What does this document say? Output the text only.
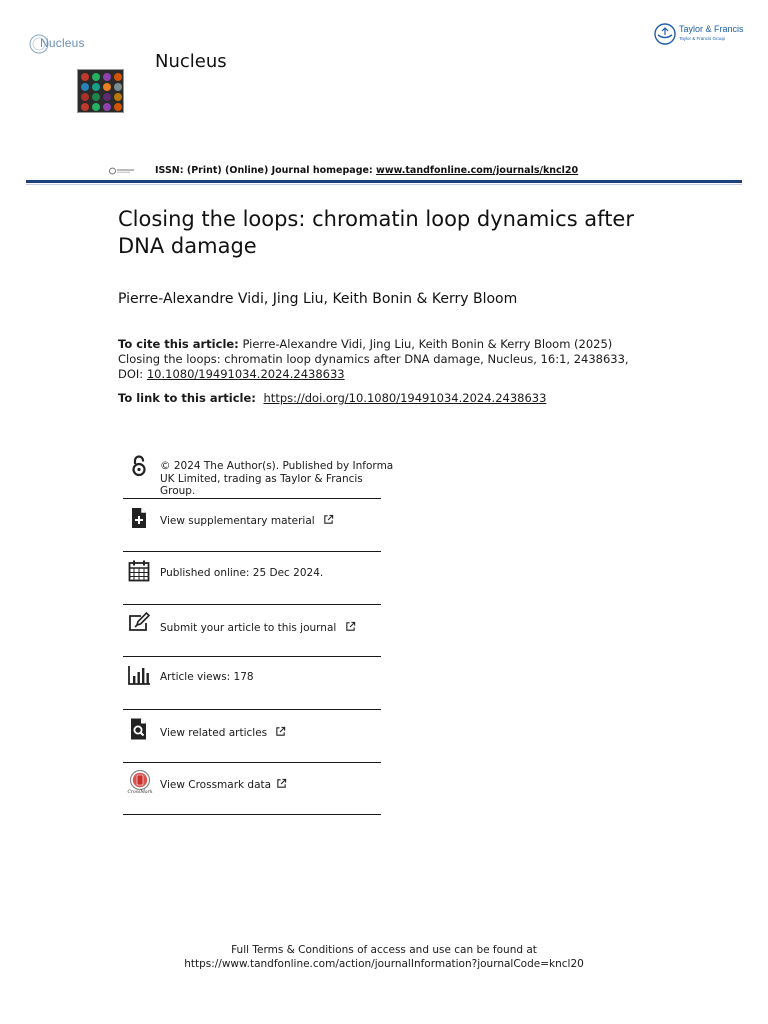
Nucleus
Nucleus
Taylor & Francis
Taylor & Francis Group
ISSN: (Print) (Online) Journal homepage: www.tandfonline.com/journals/kncl20
Closing the loops: chromatin loop dynamics after DNA damage
Pierre-Alexandre Vidi, Jing Liu, Keith Bonin & Kerry Bloom
To cite this article: Pierre-Alexandre Vidi, Jing Liu, Keith Bonin & Kerry Bloom (2025) Closing the loops: chromatin loop dynamics after DNA damage, Nucleus, 16:1, 2438633, DOI: 10.1080/19491034.2024.2438633
To link to this article: https://doi.org/10.1080/19491034.2024.2438633
© 2024 The Author(s). Published by Informa
UK Limited, trading as Taylor & Francis
Group.
View supplementary material
Published online: 25 Dec 2024.
Submit your article to this journal
Article views: 178
View related articles
CrossMark
View Crossmark data
Full Terms & Conditions of access and use can be found at
https://www.tandfonline.com/action/journalInformation?journalCode=kncl20
